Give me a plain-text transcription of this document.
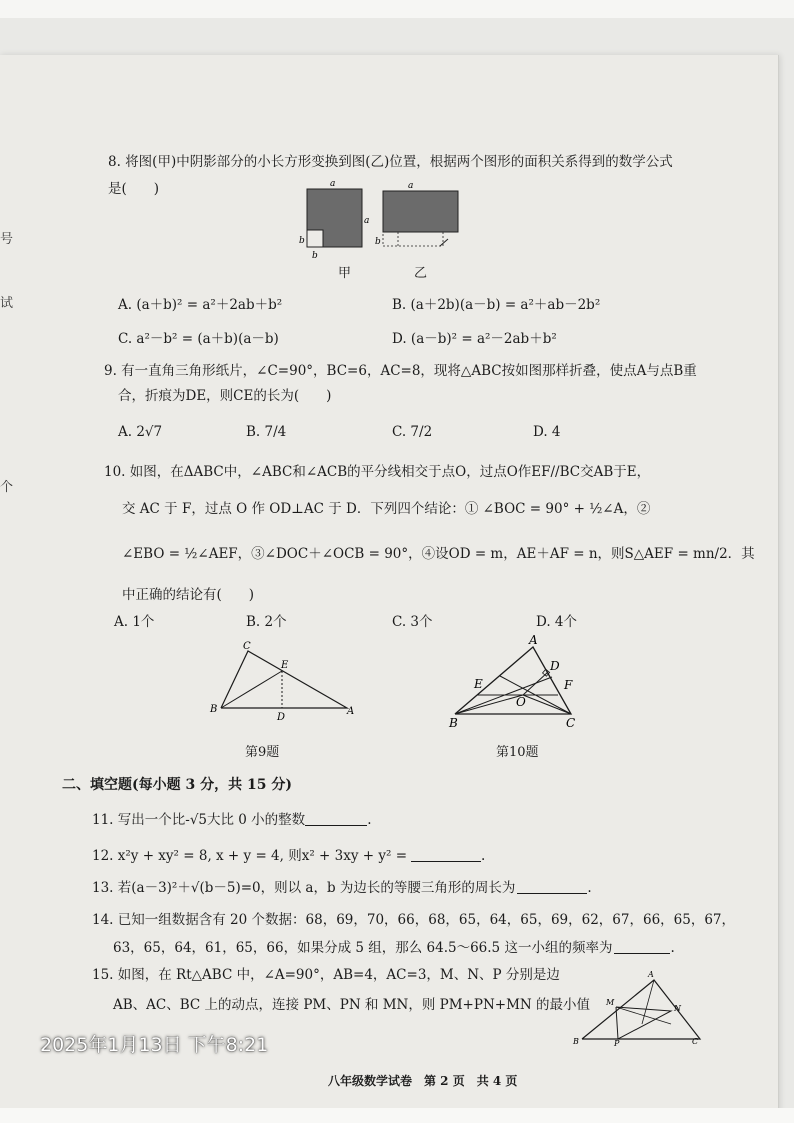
号
试
个
8. 将图(甲)中阴影部分的小长方形变换到图(乙)位置，根据两个图形的面积关系得到的数学公式
是(　　)	a
a
b
b
a
b
甲	乙
A. (a＋b)² = a²＋2ab＋b²	B. (a＋2b)(a－b) = a²＋ab－2b²
C. a²－b² = (a＋b)(a－b)	D. (a－b)² = a²－2ab＋b²
9. 有一直角三角形纸片，∠C=90°，BC=6，AC=8，现将△ABC按如图那样折叠，使点A与点B重
合，折痕为DE，则CE的长为(　　)
A. 2√7	B. 7/4	C. 7/2	D. 4
10. 如图，在ΔABC中，∠ABC和∠ACB的平分线相交于点O，过点O作EF//BC交AB于E，
交 AC 于 F，过点 O 作 OD⊥AC 于 D．下列四个结论：① ∠BOC = 90° + ½∠A，②
∠EBO = ½∠AEF，③∠DOC＋∠OCB = 90°，④设OD = m，AE＋AF = n，则S△AEF = mn/2．其
中正确的结论有(　　)
A. 1个	B. 2个	C. 3个	D. 4个
C
E
B
D
A
第9题
A
D
E	F
O
B	C
第10题
二、填空题(每小题 3 分，共 15 分)
11. 写出一个比-√5大比 0 小的整数	.
12. x²y + xy² = 8, x + y = 4, 则x² + 3xy + y² =	.
13. 若(a－3)²＋√(b－5)=0，则以 a，b 为边长的等腰三角形的周长为	.
14. 已知一组数据含有 20 个数据：68，69，70，66，68，65，64，65，69，62，67，66，65，67，
63，65，64，61，65，66，如果分成 5 组，那么 64.5～66.5 这一小组的频率为	.
15. 如图，在 Rt△ABC 中，∠A=90°，AB=4，AC=3，M、N、P 分别是边
AB、AC、BC 上的动点，连接 PM、PN 和 MN，则 PM+PN+MN 的最小值
A
M
N
B	P	C
2025年1月13日 下午8:21
八年级数学试卷　第 2 页　共 4 页
